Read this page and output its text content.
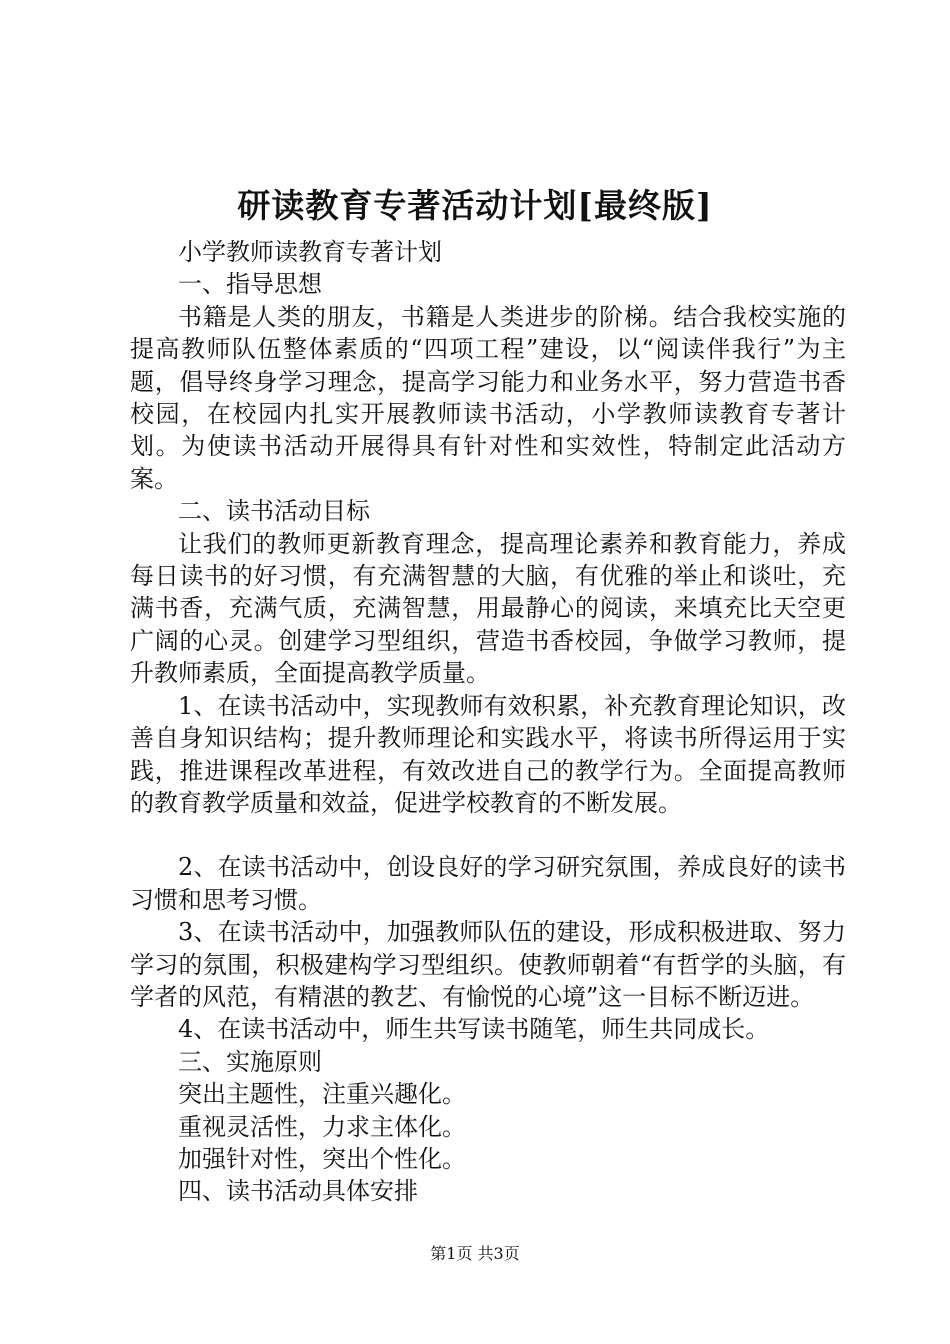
研读教育专著活动计划[最终版]

小学教师读教育专著计划

一、指导思想

书籍是人类的朋友，书籍是人类进步的阶梯。结合我校实施的提高教师队伍整体素质的“四项工程”建设，以“阅读伴我行”为主题，倡导终身学习理念，提高学习能力和业务水平，努力营造书香校园，在校园内扎实开展教师读书活动，小学教师读教育专著计划。为使读书活动开展得具有针对性和实效性，特制定此活动方案。

二、读书活动目标

让我们的教师更新教育理念，提高理论素养和教育能力，养成每日读书的好习惯，有充满智慧的大脑，有优雅的举止和谈吐，充满书香，充满气质，充满智慧，用最静心的阅读，来填充比天空更广阔的心灵。创建学习型组织，营造书香校园，争做学习教师，提升教师素质，全面提高教学质量。

1、在读书活动中，实现教师有效积累，补充教育理论知识，改善自身知识结构；提升教师理论和实践水平，将读书所得运用于实践，推进课程改革进程，有效改进自己的教学行为。全面提高教师的教育教学质量和效益，促进学校教育的不断发展。

2、在读书活动中，创设良好的学习研究氛围，养成良好的读书习惯和思考习惯。

3、在读书活动中，加强教师队伍的建设，形成积极进取、努力学习的氛围，积极建构学习型组织。使教师朝着“有哲学的头脑，有学者的风范，有精湛的教艺、有愉悦的心境”这一目标不断迈进。

4、在读书活动中，师生共写读书随笔，师生共同成长。

三、实施原则

突出主题性，注重兴趣化。

重视灵活性，力求主体化。

加强针对性，突出个性化。

四、读书活动具体安排

第1页 共3页
